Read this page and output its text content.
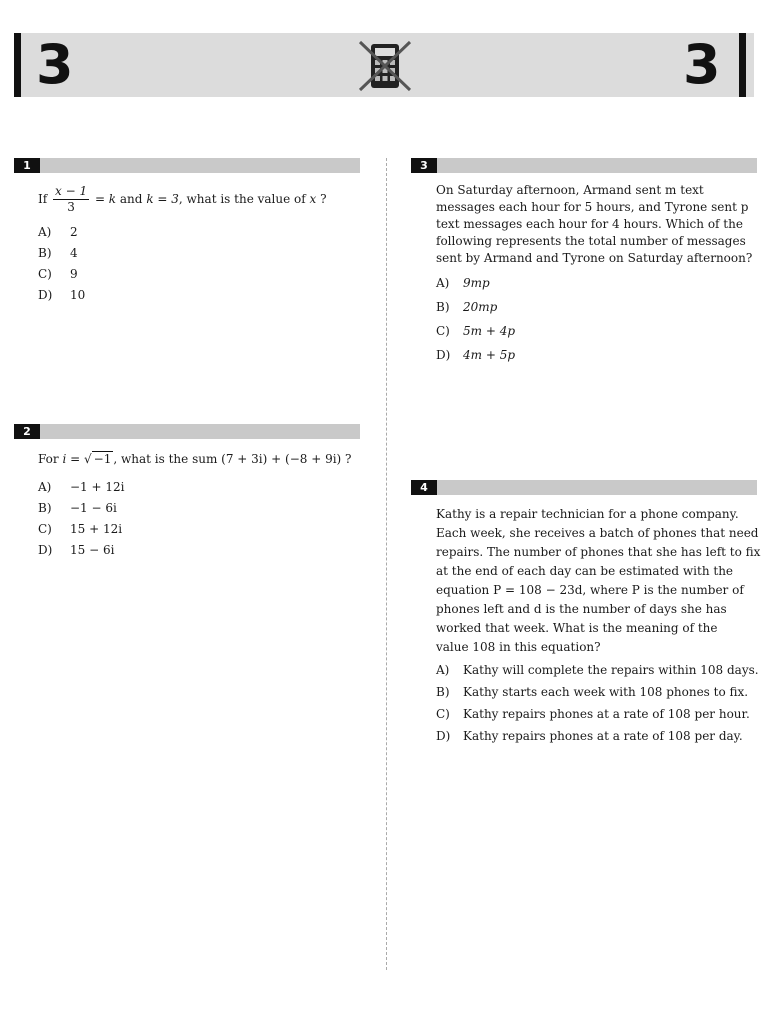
3	3
1
If $\frac{x - 1}{3} = k$ and k = 3, what is the value of x ?
A) 2
B) 4
C) 9
D) 10
2
For i = √ −1 , what is the sum (7 + 3i) + (−8 + 9i) ?
A) −1 + 12i
B) −1 − 6i
C) 15 + 12i
D) 15 − 6i
3
On Saturday afternoon, Armand sent m text
messages each hour for 5 hours, and Tyrone sent p
text messages each hour for 4 hours. Which of the
following represents the total number of messages
sent by Armand and Tyrone on Saturday afternoon?
A) 9mp
B) 20mp
C) 5m + 4p
D) 4m + 5p
4
Kathy is a repair technician for a phone company.
Each week, she receives a batch of phones that need
repairs. The number of phones that she has left to fix
at the end of each day can be estimated with the
equation P = 108 − 23d, where P is the number of
phones left and d is the number of days she has
worked that week. What is the meaning of the
value 108 in this equation?
A) Kathy will complete the repairs within 108 days.
B) Kathy starts each week with 108 phones to fix.
C) Kathy repairs phones at a rate of 108 per hour.
D) Kathy repairs phones at a rate of 108 per day.
